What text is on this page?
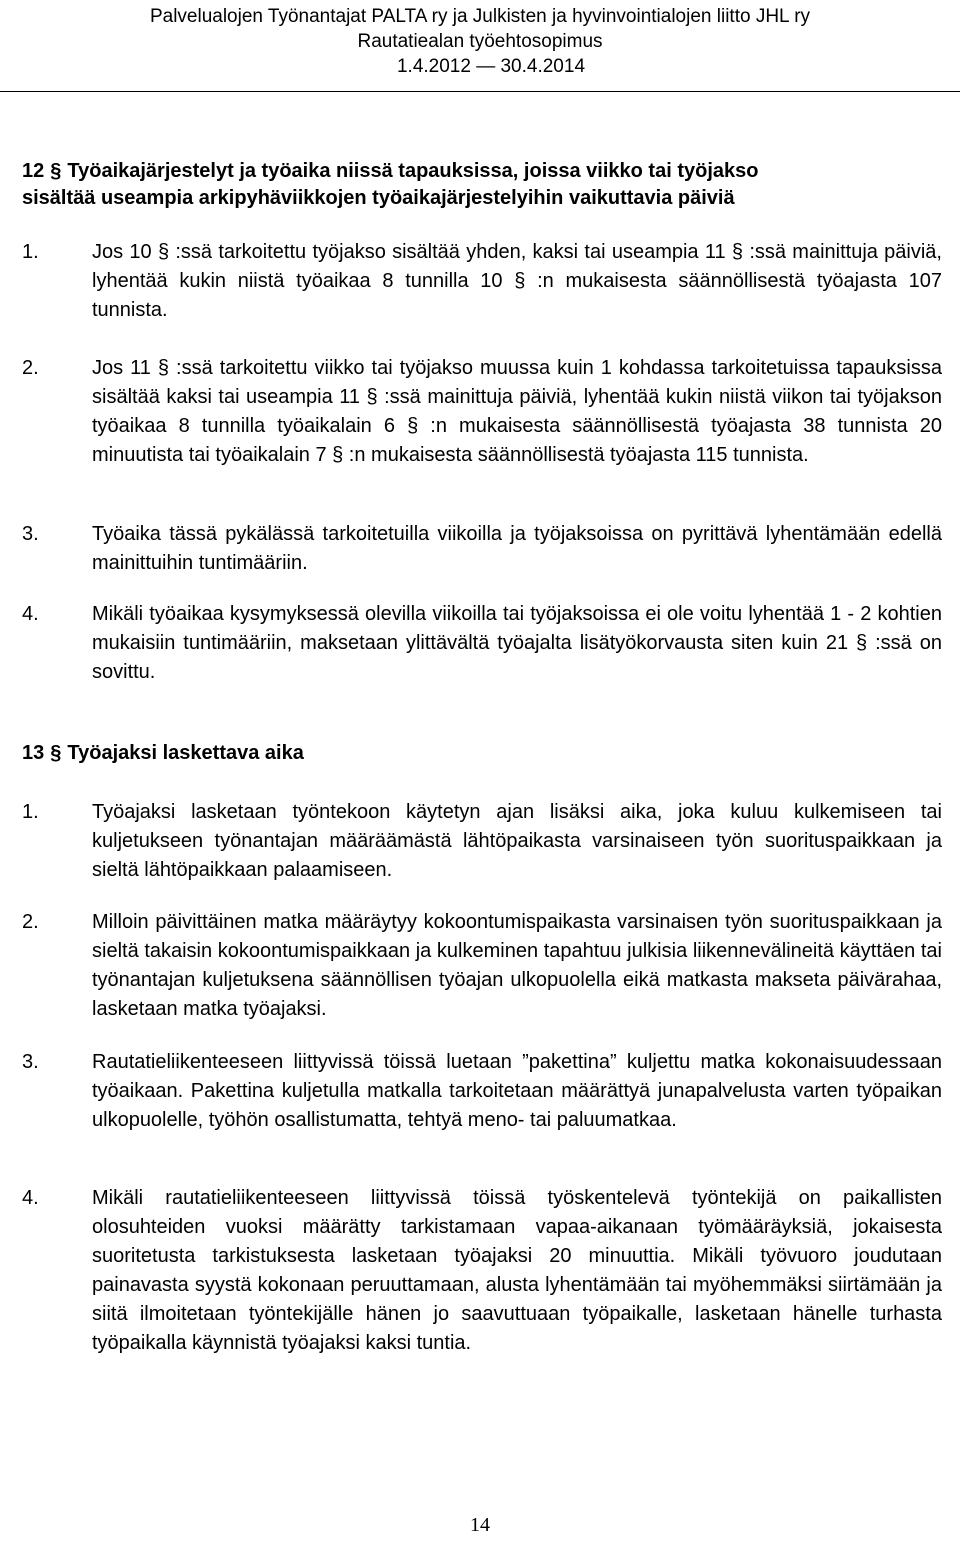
Palvelualojen Työnantajat PALTA ry ja Julkisten ja hyvinvointialojen liitto JHL ry
Rautatiealan työehtosopimus
1.4.2012 ― 30.4.2014
12 § Työaikajärjestelyt ja työaika niissä tapauksissa, joissa viikko tai työjakso
sisältää useampia arkipyhäviikkojen työaikajärjestelyihin vaikuttavia päiviä
1.	Jos 10 § :ssä tarkoitettu työjakso sisältää yhden, kaksi tai useampia 11 § :ssä mainittuja päiviä, lyhentää kukin niistä työaikaa 8 tunnilla 10 § :n mukaisesta säännöllisestä työajasta 107 tunnista.
2.	Jos 11 § :ssä tarkoitettu viikko tai työjakso muussa kuin 1 kohdassa tarkoitetuissa tapauksissa sisältää kaksi tai useampia 11 § :ssä mainittuja päiviä, lyhentää kukin niistä viikon tai työjakson työaikaa 8 tunnilla työaikalain 6 § :n mukaisesta säännöllisestä työajasta 38 tunnista 20 minuutista tai työaikalain 7 § :n mukaisesta säännöllisestä työajasta 115 tunnista.
3.	Työaika tässä pykälässä tarkoitetuilla viikoilla ja työjaksoissa on pyrittävä lyhentämään edellä mainittuihin tuntimääriin.
4.	Mikäli työaikaa kysymyksessä olevilla viikoilla tai työjaksoissa ei ole voitu lyhentää 1 - 2 kohtien mukaisiin tuntimääriin, maksetaan ylittävältä työajalta lisätyökorvausta siten kuin 21 § :ssä on sovittu.
13 § Työajaksi laskettava aika
1.	Työajaksi lasketaan työntekoon käytetyn ajan lisäksi aika, joka kuluu kulkemiseen tai kuljetukseen työnantajan määräämästä lähtöpaikasta varsinaiseen työn suorituspaikkaan ja sieltä lähtöpaikkaan palaamiseen.
2.	Milloin päivittäinen matka määräytyy kokoontumispaikasta varsinaisen työn suorituspaikkaan ja sieltä takaisin kokoontumispaikkaan ja kulkeminen tapahtuu julkisia liikennevälineitä käyttäen tai työnantajan kuljetuksena säännöllisen työajan ulkopuolella eikä matkasta makseta päivärahaa, lasketaan matka työajaksi.
3.	Rautatieliikenteeseen liittyvissä töissä luetaan ”pakettina” kuljettu matka kokonaisuudessaan työaikaan. Pakettina kuljetulla matkalla tarkoitetaan määrättyä junapalvelusta varten työpaikan ulkopuolelle, työhön osallistumatta, tehtyä meno- tai paluumatkaa.
4.	Mikäli rautatieliikenteeseen liittyvissä töissä työskentelevä työntekijä on paikallisten olosuhteiden vuoksi määrätty tarkistamaan vapaa-aikanaan työmääräyksiä, jokaisesta suoritetusta tarkistuksesta lasketaan työajaksi 20 minuuttia. Mikäli työvuoro joudutaan painavasta syystä kokonaan peruuttamaan, alusta lyhentämään tai myöhemmäksi siirtämään ja siitä ilmoitetaan työntekijälle hänen jo saavuttuaan työpaikalle, lasketaan hänelle turhasta työpaikalla käynnistä työajaksi kaksi tuntia.
14
